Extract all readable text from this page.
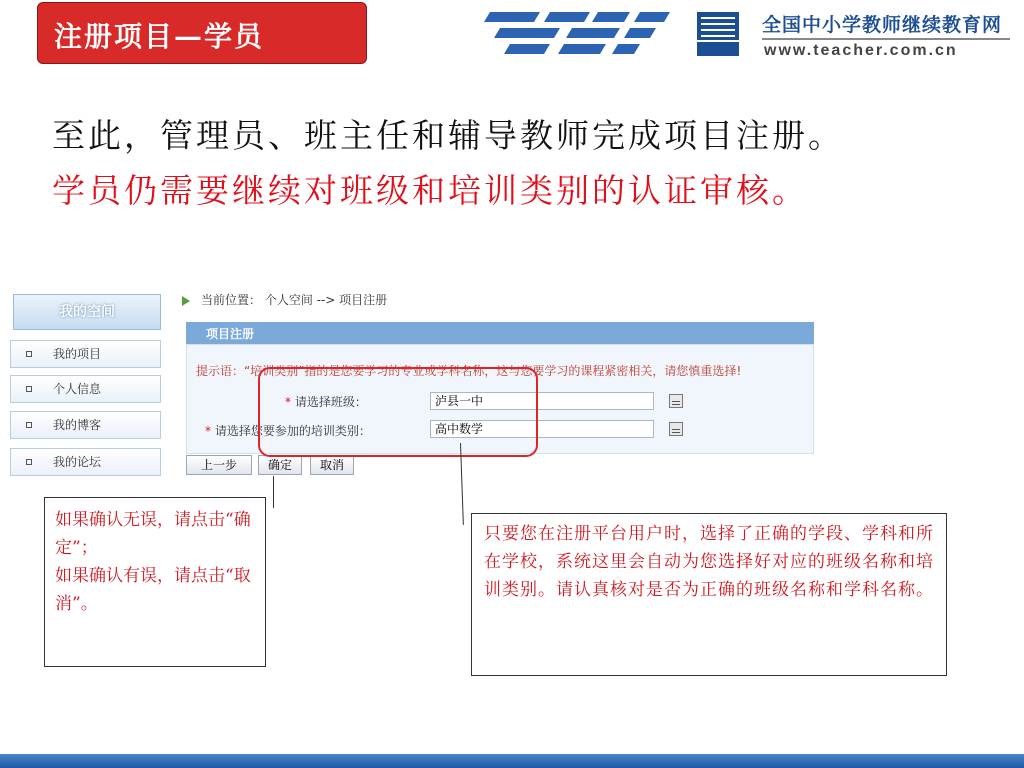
注册项目—学员	全国中小学教师继续教育网
www.teacher.com.cn
至此，管理员、班主任和辅导教师完成项目注册。
学员仍需要继续对班级和培训类别的认证审核。
我的空间
我的项目
个人信息
我的博客
我的论坛
当前位置： 个人空间 --> 项目注册
项目注册
提示语：“培训类别”指的是您要学习的专业或学科名称，这与您要学习的课程紧密相关，请您慎重选择!
* 请选择班级：	泸县一中
* 请选择您要参加的培训类别：	高中数学
上一步	确定	取消

如果确认无误，请点击“确定”；

如果确认有误，请点击“取消”。

只要您在注册平台用户时，选择了正确的学段、学科和所在学校，系统这里会自动为您选择好对应的班级名称和培训类别。请认真核对是否为正确的班级名称和学科名称。
